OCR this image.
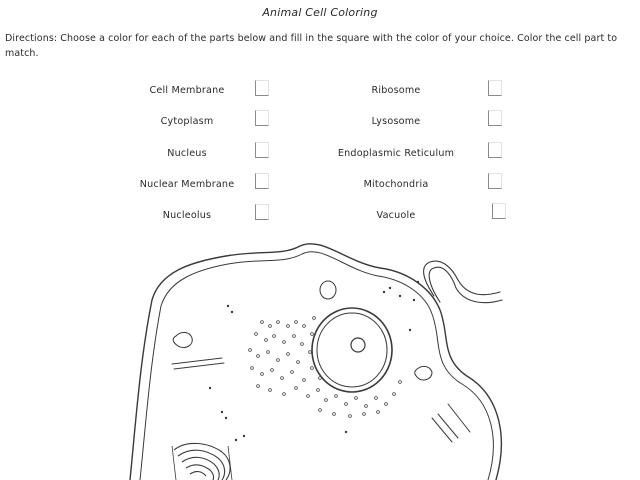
Animal Cell Coloring
Directions: Choose a color for each of the parts below and fill in the square with the color of your choice. Color the cell part to match.
Cell Membrane
Cytoplasm
Nucleus
Nuclear Membrane
Nucleolus
Ribosome
Lysosome
Endoplasmic Reticulum
Mitochondria
Vacuole
